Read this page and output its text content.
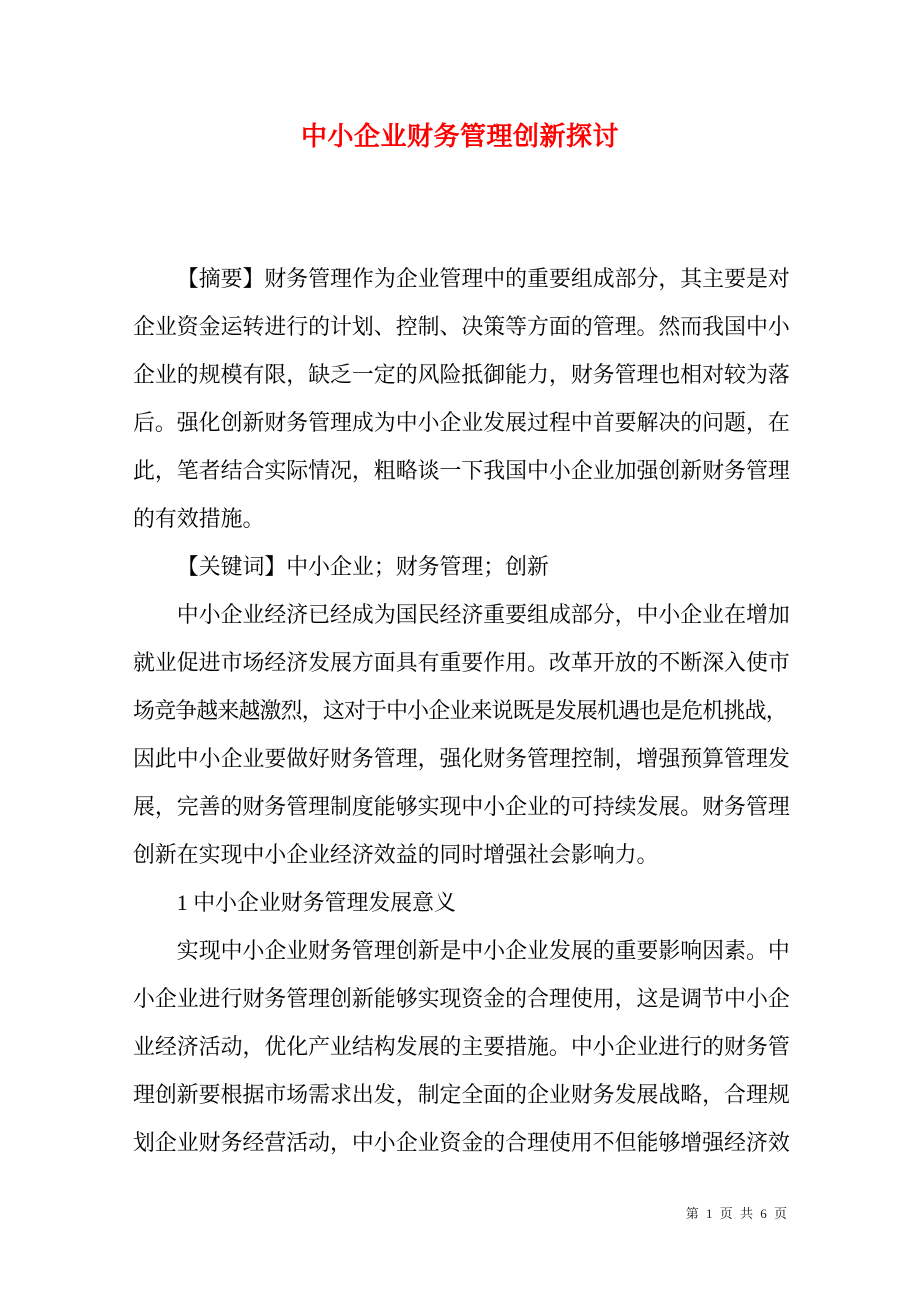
中小企业财务管理创新探讨
【摘要】财务管理作为企业管理中的重要组成部分，其主要是对
企业资金运转进行的计划、控制、决策等方面的管理。然而我国中小
企业的规模有限，缺乏一定的风险抵御能力，财务管理也相对较为落
后。强化创新财务管理成为中小企业发展过程中首要解决的问题，在
此，笔者结合实际情况，粗略谈一下我国中小企业加强创新财务管理
的有效措施。
【关键词】中小企业；财务管理；创新
中小企业经济已经成为国民经济重要组成部分，中小企业在增加
就业促进市场经济发展方面具有重要作用。改革开放的不断深入使市
场竞争越来越激烈，这对于中小企业来说既是发展机遇也是危机挑战，
因此中小企业要做好财务管理，强化财务管理控制，增强预算管理发
展，完善的财务管理制度能够实现中小企业的可持续发展。财务管理
创新在实现中小企业经济效益的同时增强社会影响力。
1 中小企业财务管理发展意义
实现中小企业财务管理创新是中小企业发展的重要影响因素。中
小企业进行财务管理创新能够实现资金的合理使用，这是调节中小企
业经济活动，优化产业结构发展的主要措施。中小企业进行的财务管
理创新要根据市场需求出发，制定全面的企业财务发展战略，合理规
划企业财务经营活动，中小企业资金的合理使用不但能够增强经济效
第 1 页 共 6 页
